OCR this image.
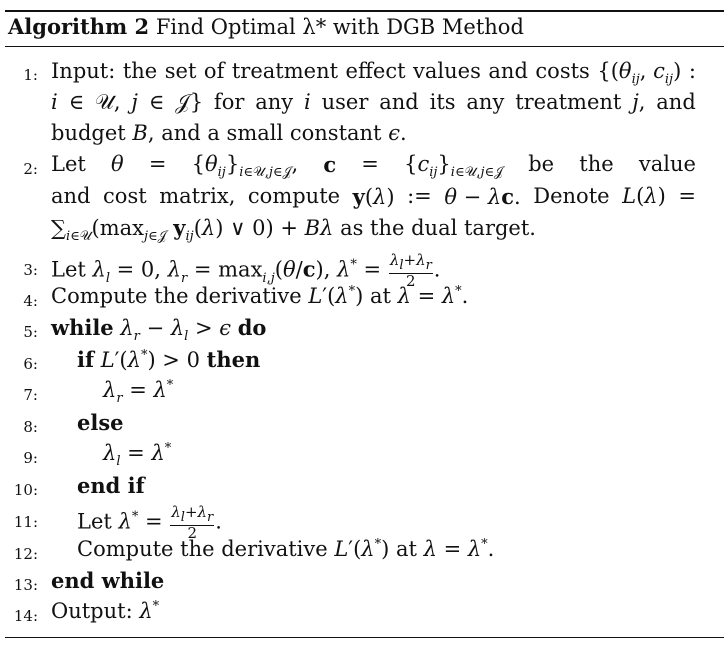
Algorithm 2 Find Optimal λ* with DGB Method
1: Input: the set of treatment effect values and costs {($\theta_{ij}$, $c_{ij}$) :
i ∈ 𝒰, j ∈ 𝒥} for any i user and its any treatment j, and
budget B, and a small constant ϵ.
2: Let $\theta = \{\theta_{ij}\}_{i\in 𝒰,j\in 𝒥}$, $c = \{c_{ij}\}_{i\in 𝒰,j\in 𝒥}$ be the value
and cost matrix, compute y(λ) := θ − λc. Denote L(λ) =
$\sum_{i\in 𝒰}(\max_{j\in 𝒥}$ $y_{ij}(\lambda)$ ∨ 0) + Bλ as the dual target.
3: Let $\lambda_l = 0$, $\lambda_r = \max_{i,j}(\theta/c)$, $\lambda^* = \frac{\lambda_l+\lambda_r}{2}$ .
4: Compute the derivative L′(λ*) at λ = λ*.
5: while $\lambda_r - \lambda_l > \epsilon$ do
6: if L′(λ*) > 0 then
7:	$\lambda_r = \lambda^*$
8: else
9:	$\lambda_l = \lambda^*$
10: end if
11: Let $\lambda^* = \frac{\lambda_l+\lambda_r}{2}$ .
12: Compute the derivative L′(λ*) at λ = λ*.
13: end while
14: Output: λ*
